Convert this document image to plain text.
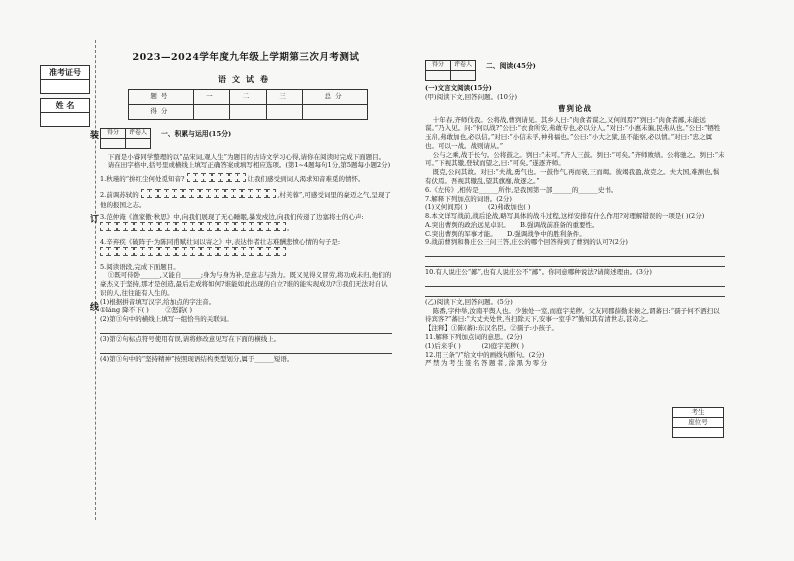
准考证号
姓 名
装
订
线
2023—2024学年度九年级上学期第三次月考测试
语文试卷
题号	一	二	三	总分
得分				
得分	评卷人
	一、积累与运用(15分)

下面是小睿同学整理的以“品宋词,观人生”为题目的古诗文学习心得,请你在阅读时完成下面题目。

请在田字格中,括号里或横线上填写正确答案或填写相应选项。(第1~4题每句1分,第5题每小题2分)

1.秋瑾的“拚红尘何处觅知音?	让我们感受到词人渴求知音难觅的情怀。

2.前调苏轼的	,村芙蓉”,可感受词里的豪迈之气,呈现了他的报国之志。

3.范仲淹《渔家傲·秋思》中,向我们展现了无心睡眠,暴发戍边,向我们传递了边塞将士的心声:  。

4.辛弃疾《破阵子·为陈同甫赋壮词以寄之》中,表达作者壮志难酬悲愤心情的句子是:

5.阅读语段,完成下面题目。

①既可侍卧______,又能自______;身为与身为补,是意志与劲力。既又见得义冒劳,将功成未归,他们的豪杰义于坚持,那才是创造,最后走成将如何?谁能如此出现的自立?谁的能实现成功?③我们无法对自认识的人,往往能有人生的。

(1)根据拼音填写汉字,给加点的字注音。

①láng 降不下( )	②怒韵( )

(2)第③句中的横线上填写一组恰当的关联词。

(3)第②句标点符号使用有误,请将修改意见写在下面的横线上。

(4)第③句中的“坚持精神”按照现语结构类型划分,属于______短语。

得分	评卷人
	二、阅读(45分)

(一)文言文阅读(15分)

(甲)阅读下文,回答问题。(10分)

曹刿论战

十年春,齐师伐我。公将战,曹刿请见。其乡人曰:“肉食者谋之,又何间焉?”刿曰:“肉食者鄙,未能远谋。”乃入见。问:“何以战?”公曰:“衣食所安,弗敢专也,必以分人。”对曰:“小惠未徧,民弗从也。”公曰:“牺牲玉帛,弗敢加也,必以信。”对曰:“小信未孚,神弗福也。”公曰:“小大之狱,虽不能察,必以情。”对曰:“忠之属也。可以一战。战则请从。”

公与之乘,战于长勺。公将鼓之。刿曰:“未可。”齐人三鼓。刿曰:“可矣。”齐师败绩。公将驰之。刿曰:“未可。”下视其辙,登轼而望之,曰:“可矣。”遂逐齐师。

既克,公问其故。对曰:“夫战,勇气也。一鼓作气,再而衰,三而竭。彼竭我盈,故克之。夫大国,难测也,惧有伏焉。吾视其辙乱,望其旗靡,故逐之。”

6.《左传》,相传是______所作,是我国第一部______的______史书。

7.解释下列加点的词语。(2分)

(1)又何间焉( )	(2)弗敢加也( )

8.本文详写战前,战后论战,略写具体的战斗过程,这样安排有什么作用?对理解错误的一项是( )(2分)

A.突出曹刿的政治远见卓识。 B.强调战前准备的重要性。

C.突出曹刿的军事才能。 D.强调战争中的胜利条件。

9.战前曹刿和鲁庄公三问三答,庄公的哪个回答得到了曹刿的认可?(2分)

10.有人说庄公“鄙”,也有人说庄公不“鄙”。你同意哪种说法?请简述理由。(3分)

(乙)阅读下文,回答问题。(5分)

陈番,字仲举,汝南平舆人也。少独处一室,而庭宇芜秽。父友同郡薛勤来候之,谓蕃曰:“孺子何不洒扫以待宾客?”蕃曰:“大丈夫处世,当扫除天下,安事一室乎?”勤知其有清世志,甚奇之。

【注释】①陈(蕃):东汉名臣。②孺子:小孩子。

11.解释下列加点词的意思。(2分)

(1)后来乎( )	(2)庭宇芜秽( )

12.用三条“/”给文中的画线句断句。(2分)

严禁为考生签名答题者,涂黑为零分

考生
座位号
